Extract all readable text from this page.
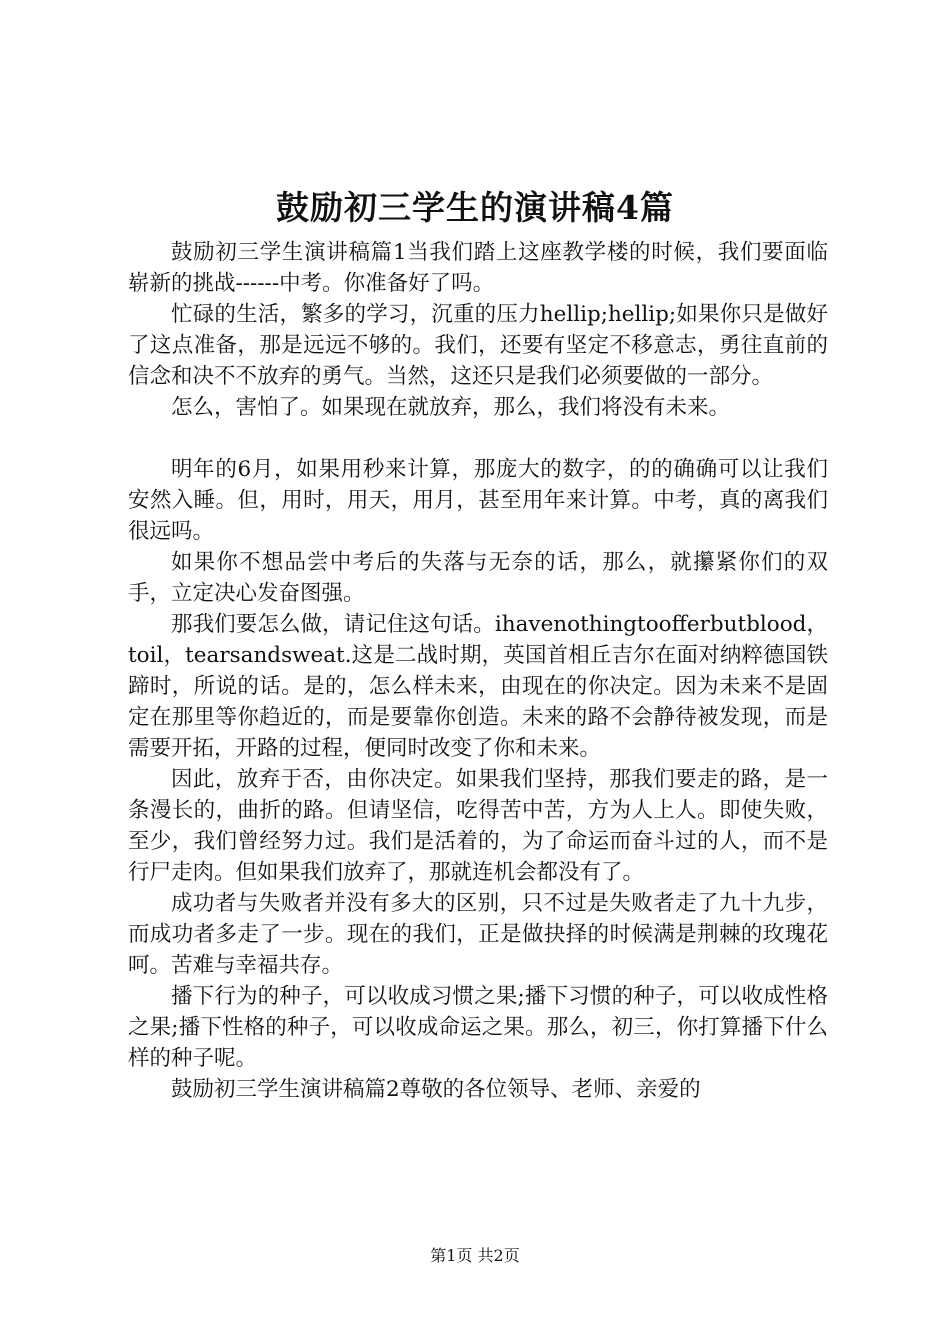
鼓励初三学生的演讲稿4篇

鼓励初三学生演讲稿篇1当我们踏上这座教学楼的时候，我们要面临崭新的挑战------中考。你准备好了吗。

忙碌的生活，繁多的学习，沉重的压力hellip;hellip;如果你只是做好了这点准备，那是远远不够的。我们，还要有坚定不移意志，勇往直前的信念和决不不放弃的勇气。当然，这还只是我们必须要做的一部分。

怎么，害怕了。如果现在就放弃，那么，我们将没有未来。

明年的6月，如果用秒来计算，那庞大的数字，的的确确可以让我们安然入睡。但，用时，用天，用月，甚至用年来计算。中考，真的离我们很远吗。

如果你不想品尝中考后的失落与无奈的话，那么，就攥紧你们的双手，立定决心发奋图强。

那我们要怎么做，请记住这句话。ihavenothingtoofferbutblood，toil，tearsandsweat.这是二战时期，英国首相丘吉尔在面对纳粹德国铁蹄时，所说的话。是的，怎么样未来，由现在的你决定。因为未来不是固定在那里等你趋近的，而是要靠你创造。未来的路不会静待被发现，而是需要开拓，开路的过程，便同时改变了你和未来。

因此，放弃于否，由你决定。如果我们坚持，那我们要走的路，是一条漫长的，曲折的路。但请坚信，吃得苦中苦，方为人上人。即使失败，至少，我们曾经努力过。我们是活着的，为了命运而奋斗过的人，而不是行尸走肉。但如果我们放弃了，那就连机会都没有了。

成功者与失败者并没有多大的区别，只不过是失败者走了九十九步，而成功者多走了一步。现在的我们，正是做抉择的时候满是荆棘的玫瑰花呵。苦难与幸福共存。

播下行为的种子，可以收成习惯之果;播下习惯的种子，可以收成性格之果;播下性格的种子，可以收成命运之果。那么，初三，你打算播下什么样的种子呢。

鼓励初三学生演讲稿篇2尊敬的各位领导、老师、亲爱的

第1页 共2页
